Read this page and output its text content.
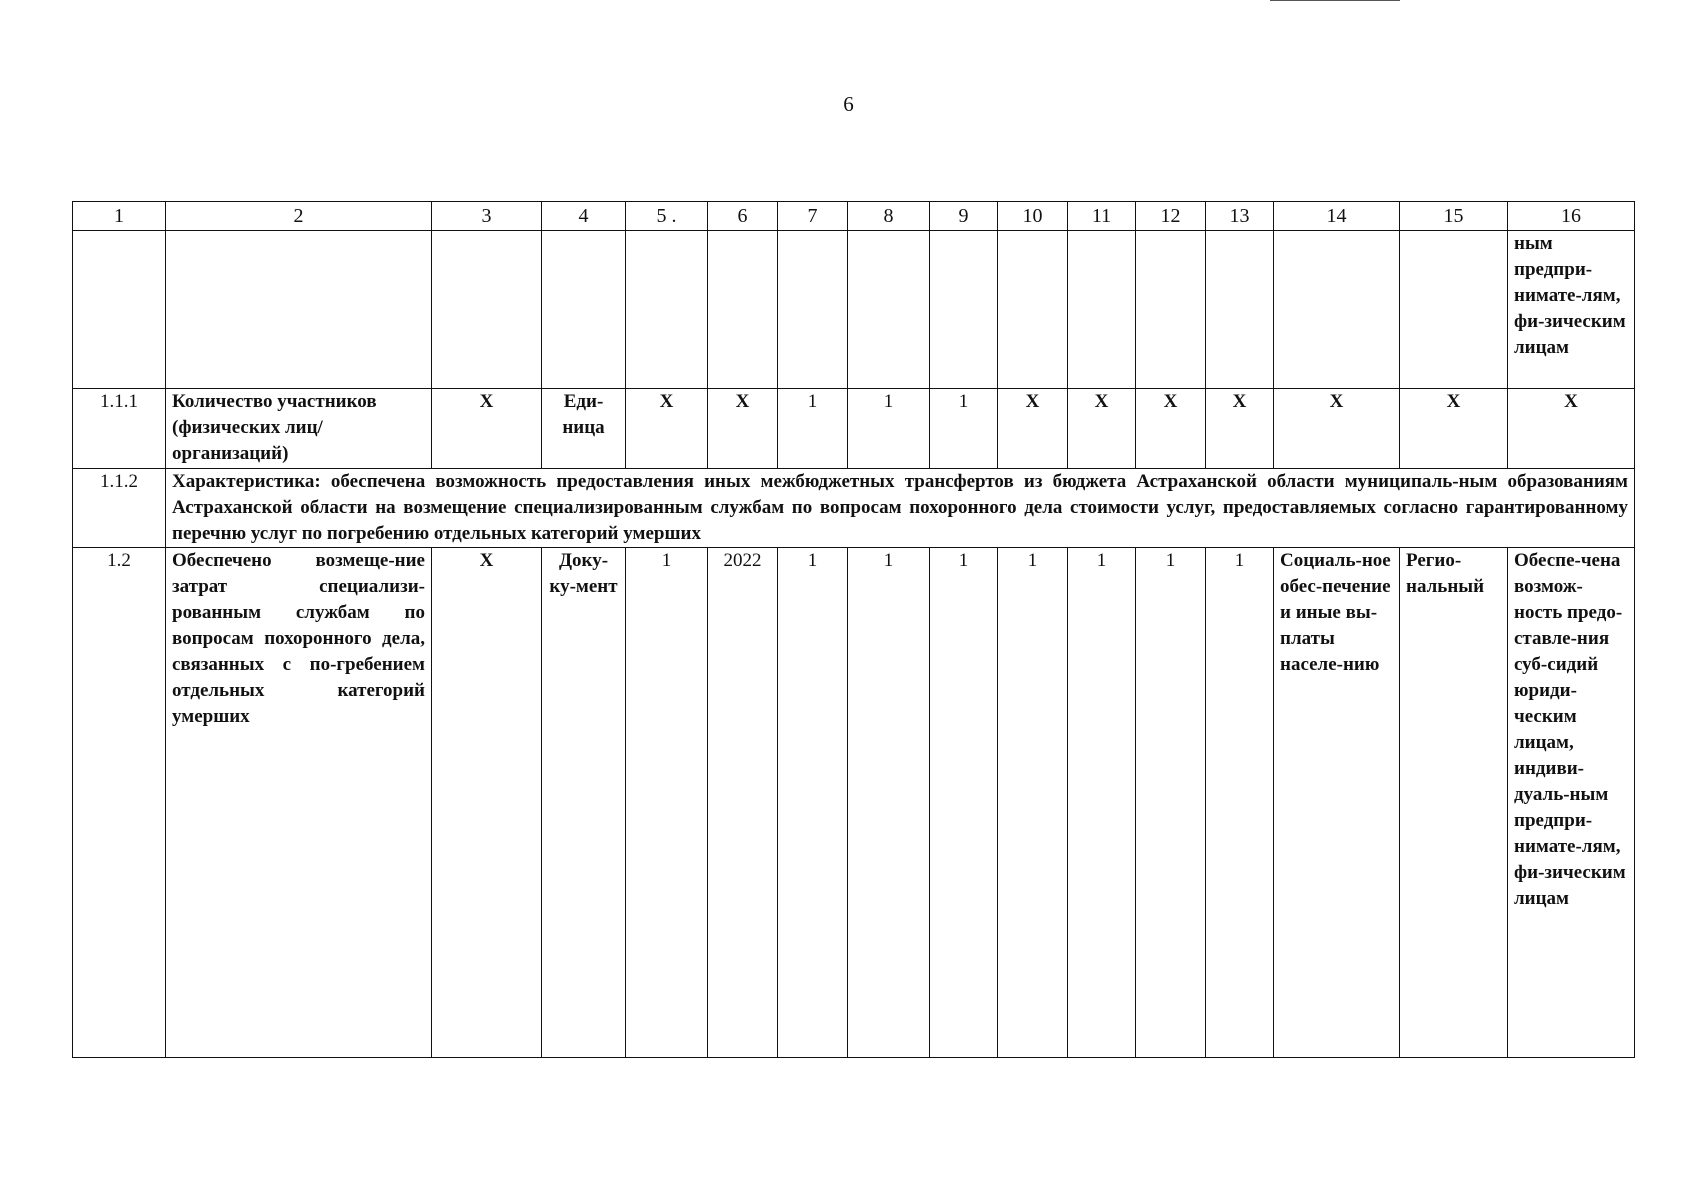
6
1	2	3	4	5 .	6	7	8	9	10	11	12	13	14	15	16
															ным предпри-нимате-лям, фи-зическим лицам
1.1.1	Количество участников (физических лиц/организаций)	X	Еди-ница	X	X	1	1	1	X	X	X	X	X	X	X
1.1.2	Характеристика: обеспечена возможность предоставления иных межбюджетных трансфертов из бюджета Астраханской области муниципаль-ным образованиям Астраханской области на возмещение специализированным службам по вопросам похоронного дела стоимости услуг, предоставляемых согласно гарантированному перечню услуг по погребению отдельных категорий умерших														
1.2	Обеспечено возмеще-ние затрат специализи-рованным службам по вопросам похоронного дела, связанных с по-гребением отдельных категорий умерших	X	Доку-ку-мент	1	2022	1	1	1	1	1	1	1	Социаль-ное обес-печение и иные вы-платы населе-нию	Регио-нальный	Обеспе-чена возмож-ность предо-ставле-ния суб-сидий юриди-ческим лицам, индиви-дуаль-ным предпри-нимате-лям, фи-зическим лицам
